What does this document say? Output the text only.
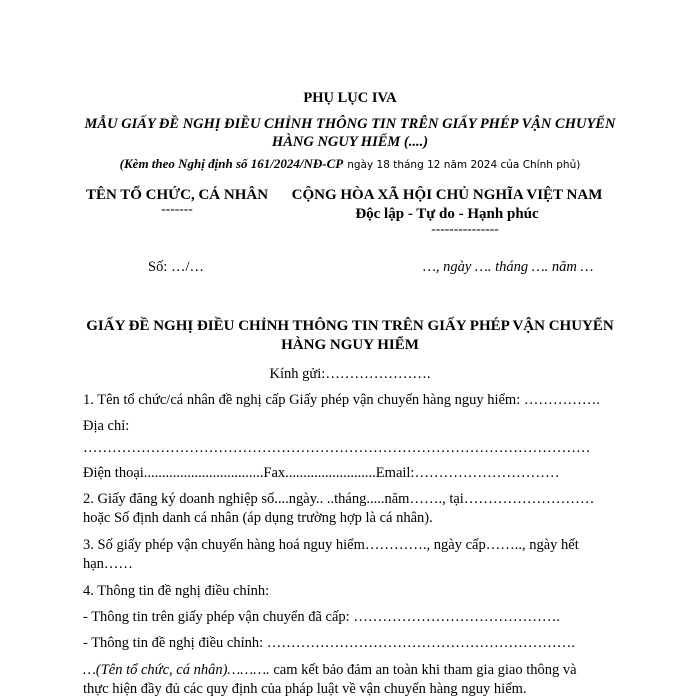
PHỤ LỤC IVA
MẪU GIẤY ĐỀ NGHỊ ĐIỀU CHỈNH THÔNG TIN TRÊN GIẤY PHÉP VẬN CHUYỂN
HÀNG NGUY HIỂM (....)
(Kèm theo Nghị định số 161/2024/NĐ-CP ngày 18 tháng 12 năm 2024 của Chính phủ)
TÊN TỔ CHỨC, CÁ NHÂN
-------
CỘNG HÒA XÃ HỘI CHỦ NGHĨA VIỆT NAM
Độc lập - Tự do - Hạnh phúc
---------------
Số: …/…	…, ngày …. tháng …. năm …
GIẤY ĐỀ NGHỊ ĐIỀU CHỈNH THÔNG TIN TRÊN GIẤY PHÉP VẬN CHUYỂN
HÀNG NGUY HIỂM
Kính gửi:………………….
1. Tên tổ chức/cá nhân đề nghị cấp Giấy phép vận chuyển hàng nguy hiểm: …………….
Địa chỉ:
……………………………………………………………………………………………
Điện thoại.................................Fax.........................Email:…………………………
2. Giấy đăng ký doanh nghiệp số....ngày.. ..tháng.....năm……., tại………………………
hoặc Số định danh cá nhân (áp dụng trường hợp là cá nhân).
3. Số giấy phép vận chuyển hàng hoá nguy hiểm…………., ngày cấp…….., ngày hết
hạn……
4. Thông tin đề nghị điều chỉnh:
- Thông tin trên giấy phép vận chuyển đã cấp: …………………………………….
- Thông tin đề nghị điều chỉnh: ……………………………………………………….
…(Tên tổ chức, cá nhân)………. cam kết bảo đảm an toàn khi tham gia giao thông và
thực hiện đầy đủ các quy định của pháp luật về vận chuyển hàng nguy hiểm.
